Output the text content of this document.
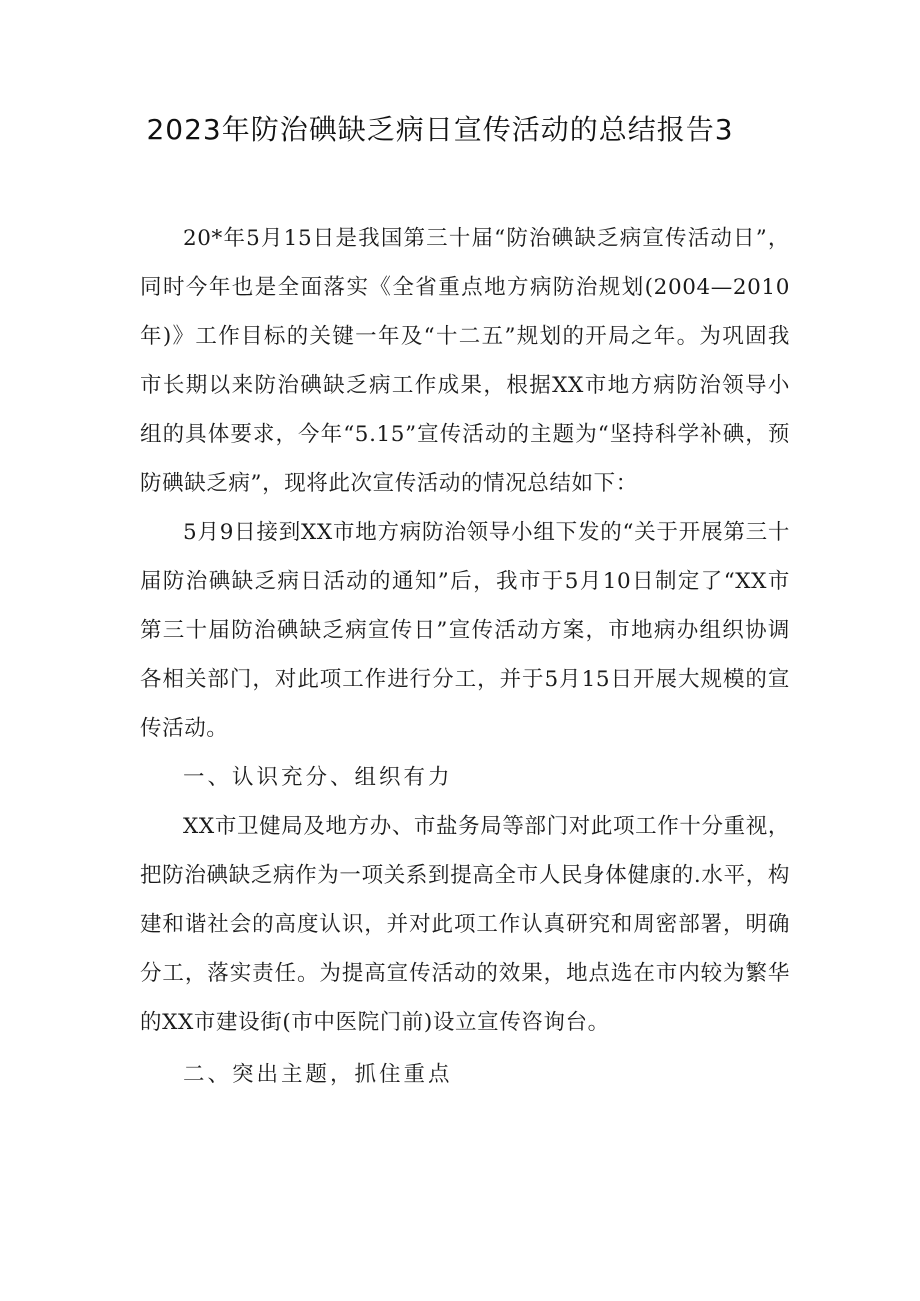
2023年防治碘缺乏病日宣传活动的总结报告3

20*年5月15日是我国第三十届“防治碘缺乏病宣传活动日”，同时今年也是全面落实《全省重点地方病防治规划(2004—2010年)》工作目标的关键一年及“十二五”规划的开局之年。为巩固我市长期以来防治碘缺乏病工作成果，根据XX市地方病防治领导小组的具体要求，今年“5.15”宣传活动的主题为“坚持科学补碘，预防碘缺乏病”，现将此次宣传活动的情况总结如下：

5月9日接到XX市地方病防治领导小组下发的“关于开展第三十届防治碘缺乏病日活动的通知”后，我市于5月10日制定了“XX市第三十届防治碘缺乏病宣传日”宣传活动方案，市地病办组织协调各相关部门，对此项工作进行分工，并于5月15日开展大规模的宣传活动。

一、认识充分、组织有力

XX市卫健局及地方办、市盐务局等部门对此项工作十分重视，把防治碘缺乏病作为一项关系到提高全市人民身体健康的.水平，构建和谐社会的高度认识，并对此项工作认真研究和周密部署，明确分工，落实责任。为提高宣传活动的效果，地点选在市内较为繁华的XX市建设街(市中医院门前)设立宣传咨询台。

二、突出主题，抓住重点
